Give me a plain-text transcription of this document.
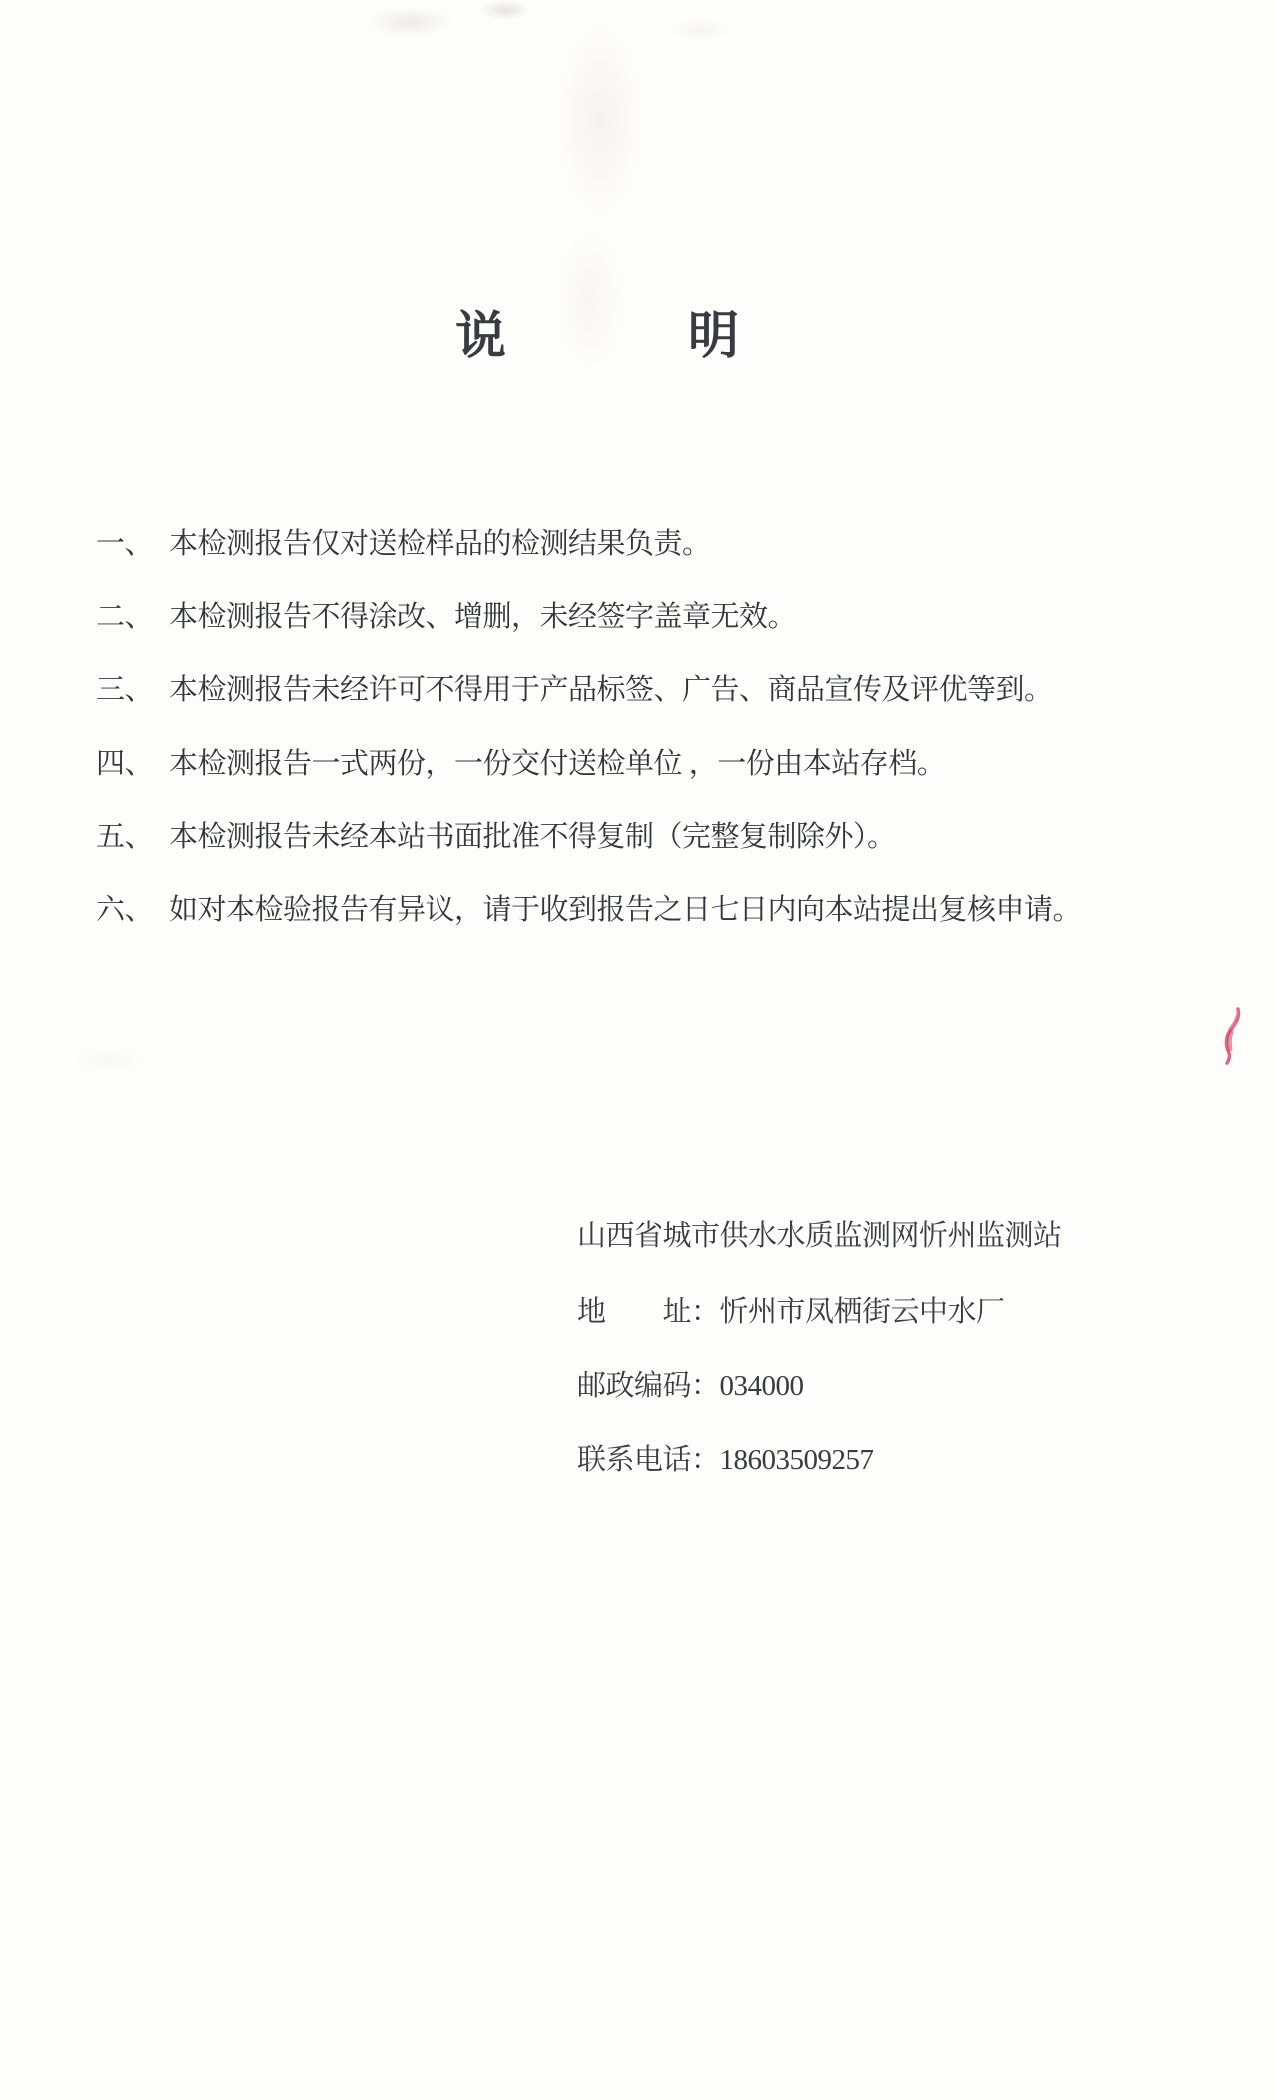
说	明
一、 本检测报告仅对送检样品的检测结果负责。
二、 本检测报告不得涂改、增删，未经签字盖章无效。
三、 本检测报告未经许可不得用于产品标签、广告、商品宣传及评优等到。
四、 本检测报告一式两份，一份交付送检单位 ，一份由本站存档。
五、 本检测报告未经本站书面批准不得复制（完整复制除外）。
六、 如对本检验报告有异议，请于收到报告之日七日内向本站提出复核申请。
山西省城市供水水质监测网忻州监测站
地　　址：忻州市凤栖街云中水厂
邮政编码：034000
联系电话：18603509257
